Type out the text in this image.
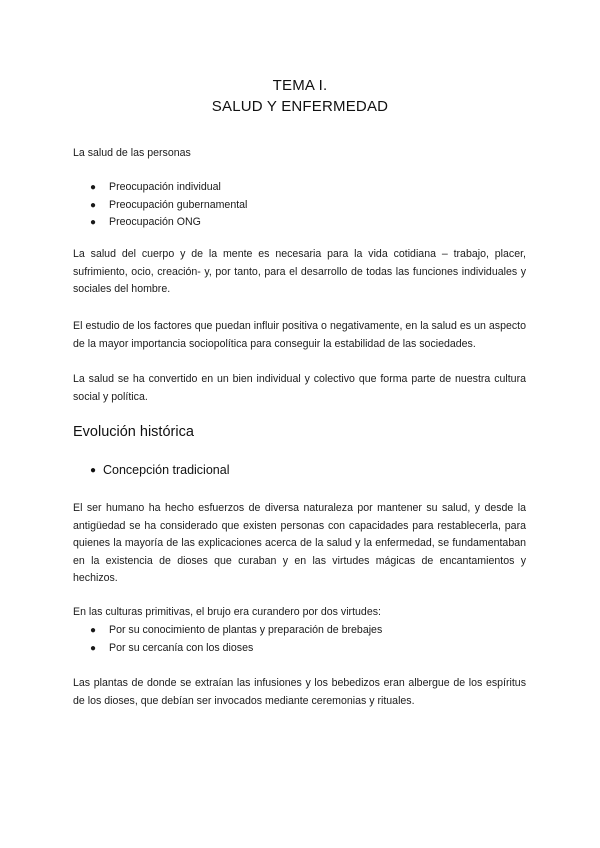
TEMA I.
SALUD Y ENFERMEDAD

La salud de las personas

● Preocupación individual
● Preocupación gubernamental
● Preocupación ONG

La salud del cuerpo y de la mente es necesaria para la vida cotidiana – trabajo, placer, sufrimiento, ocio, creación- y, por tanto, para el desarrollo de todas las funciones individuales y sociales del hombre.

El estudio de los factores que puedan influir positiva o negativamente, en la salud es un aspecto de la mayor importancia sociopolítica para conseguir la estabilidad de las sociedades.

La salud se ha convertido en un bien individual y colectivo que forma parte de nuestra cultura social y política.

Evolución histórica
● Concepción tradicional

El ser humano ha hecho esfuerzos de diversa naturaleza por mantener su salud, y desde la antigüedad se ha considerado que existen personas con capacidades para restablecerla, para quienes la mayoría de las explicaciones acerca de la salud y la enfermedad, se fundamentaban en la existencia de dioses que curaban y en las virtudes mágicas de encantamientos y hechizos.

En las culturas primitivas, el brujo era curandero por dos virtudes:

● Por su conocimiento de plantas y preparación de brebajes
● Por su cercanía con los dioses

Las plantas de donde se extraían las infusiones y los bebedizos eran albergue de los espíritus de los dioses, que debían ser invocados mediante ceremonias y rituales.
